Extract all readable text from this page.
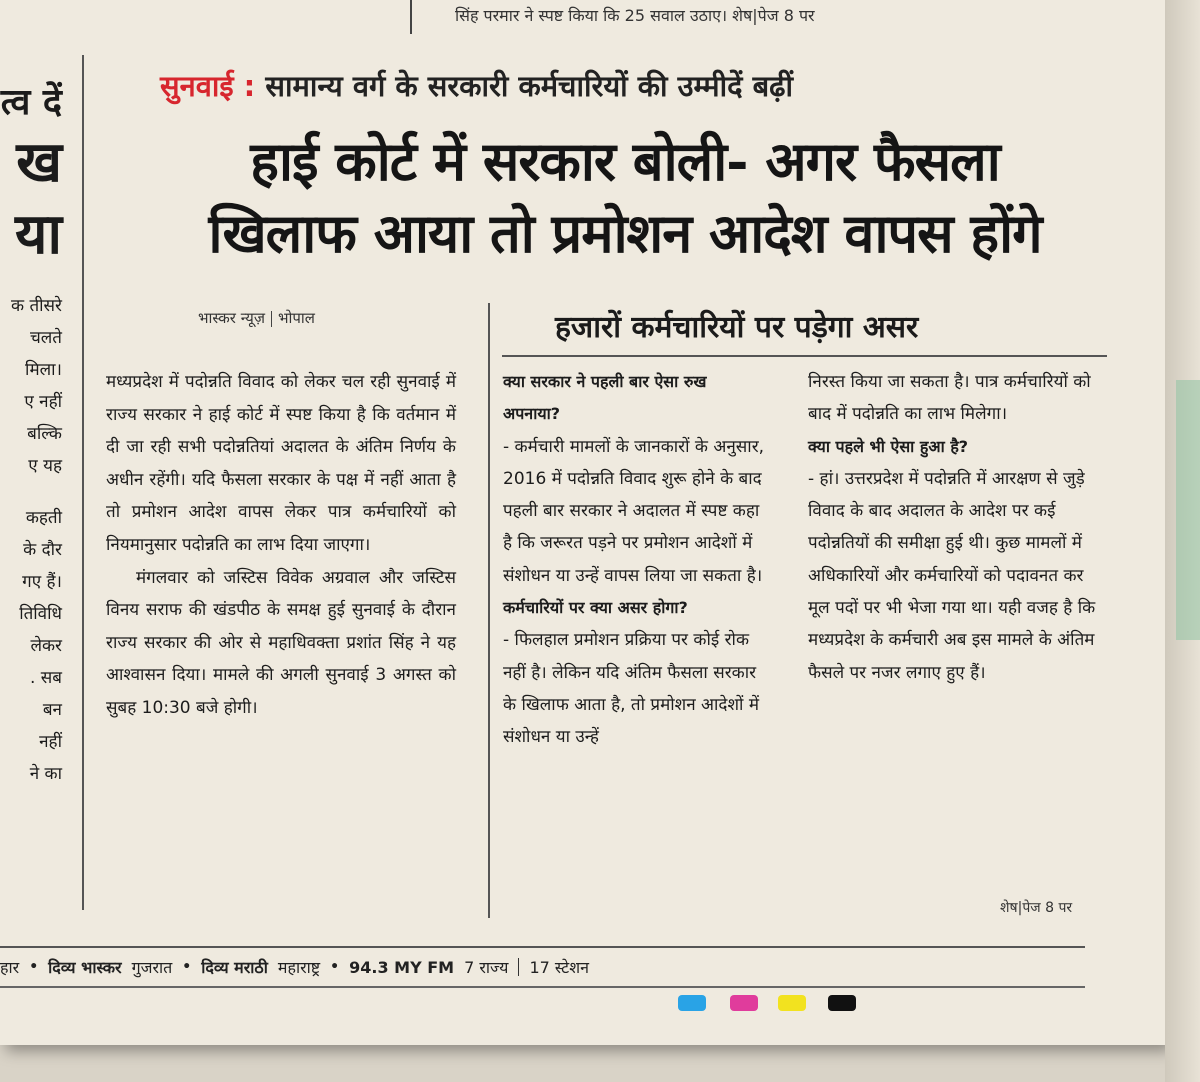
सिंह परमार ने स्पष्ट किया कि 25 सवाल उठाए। शेष|पेज 8 पर
त्व दें
ख
या
क तीसरे
चलते
मिला।
ए नहीं
बल्कि
ए यह
कहती
के दौर
गए हैं।
तिविधि
लेकर
. सब
बन
नहीं
ने का
सुनवाई : सामान्य वर्ग के सरकारी कर्मचारियों की उम्मीदें बढ़ीं
हाई कोर्ट में सरकार बोली- अगर फैसला
खिलाफ आया तो प्रमोशन आदेश वापस होंगे
भास्कर न्यूज़ भोपाल

मध्यप्रदेश में पदोन्नति विवाद को लेकर चल रही सुनवाई में राज्य सरकार ने हाई कोर्ट में स्पष्ट किया है कि वर्तमान में दी जा रही सभी पदोन्नतियां अदालत के अंतिम निर्णय के अधीन रहेंगी। यदि फैसला सरकार के पक्ष में नहीं आता है तो प्रमोशन आदेश वापस लेकर पात्र कर्मचारियों को नियमानुसार पदोन्नति का लाभ दिया जाएगा।

मंगलवार को जस्टिस विवेक अग्रवाल और जस्टिस विनय सराफ की खंडपीठ के समक्ष हुई सुनवाई के दौरान राज्य सरकार की ओर से महाधिवक्ता प्रशांत सिंह ने यह आश्वासन दिया। मामले की अगली सुनवाई 3 अगस्त को सुबह 10:30 बजे होगी।

हजारों कर्मचारियों पर पड़ेगा असर

क्या सरकार ने पहली बार ऐसा रुख अपनाया?

- कर्मचारी मामलों के जानकारों के अनुसार, 2016 में पदोन्नति विवाद शुरू होने के बाद पहली बार सरकार ने अदालत में स्पष्ट कहा है कि जरूरत पड़ने पर प्रमोशन आदेशों में संशोधन या उन्हें वापस लिया जा सकता है।

कर्मचारियों पर क्या असर होगा?

- फिलहाल प्रमोशन प्रक्रिया पर कोई रोक नहीं है। लेकिन यदि अंतिम फैसला सरकार के खिलाफ आता है, तो प्रमोशन आदेशों में संशोधन या उन्हें

निरस्त किया जा सकता है। पात्र कर्मचारियों को बाद में पदोन्नति का लाभ मिलेगा।

क्या पहले भी ऐसा हुआ है?

- हां। उत्तरप्रदेश में पदोन्नति में आरक्षण से जुड़े विवाद के बाद अदालत के आदेश पर कई पदोन्नतियों की समीक्षा हुई थी। कुछ मामलों में अधिकारियों और कर्मचारियों को पदावनत कर मूल पदों पर भी भेजा गया था। यही वजह है कि मध्यप्रदेश के कर्मचारी अब इस मामले के अंतिम फैसले पर नजर लगाए हुए हैं।

शेष|पेज 8 पर
हार • दिव्य भास्कर गुजरात • दिव्य मराठी महाराष्ट्र • 94.3 MY FM 7 राज्य 17 स्टेशन
